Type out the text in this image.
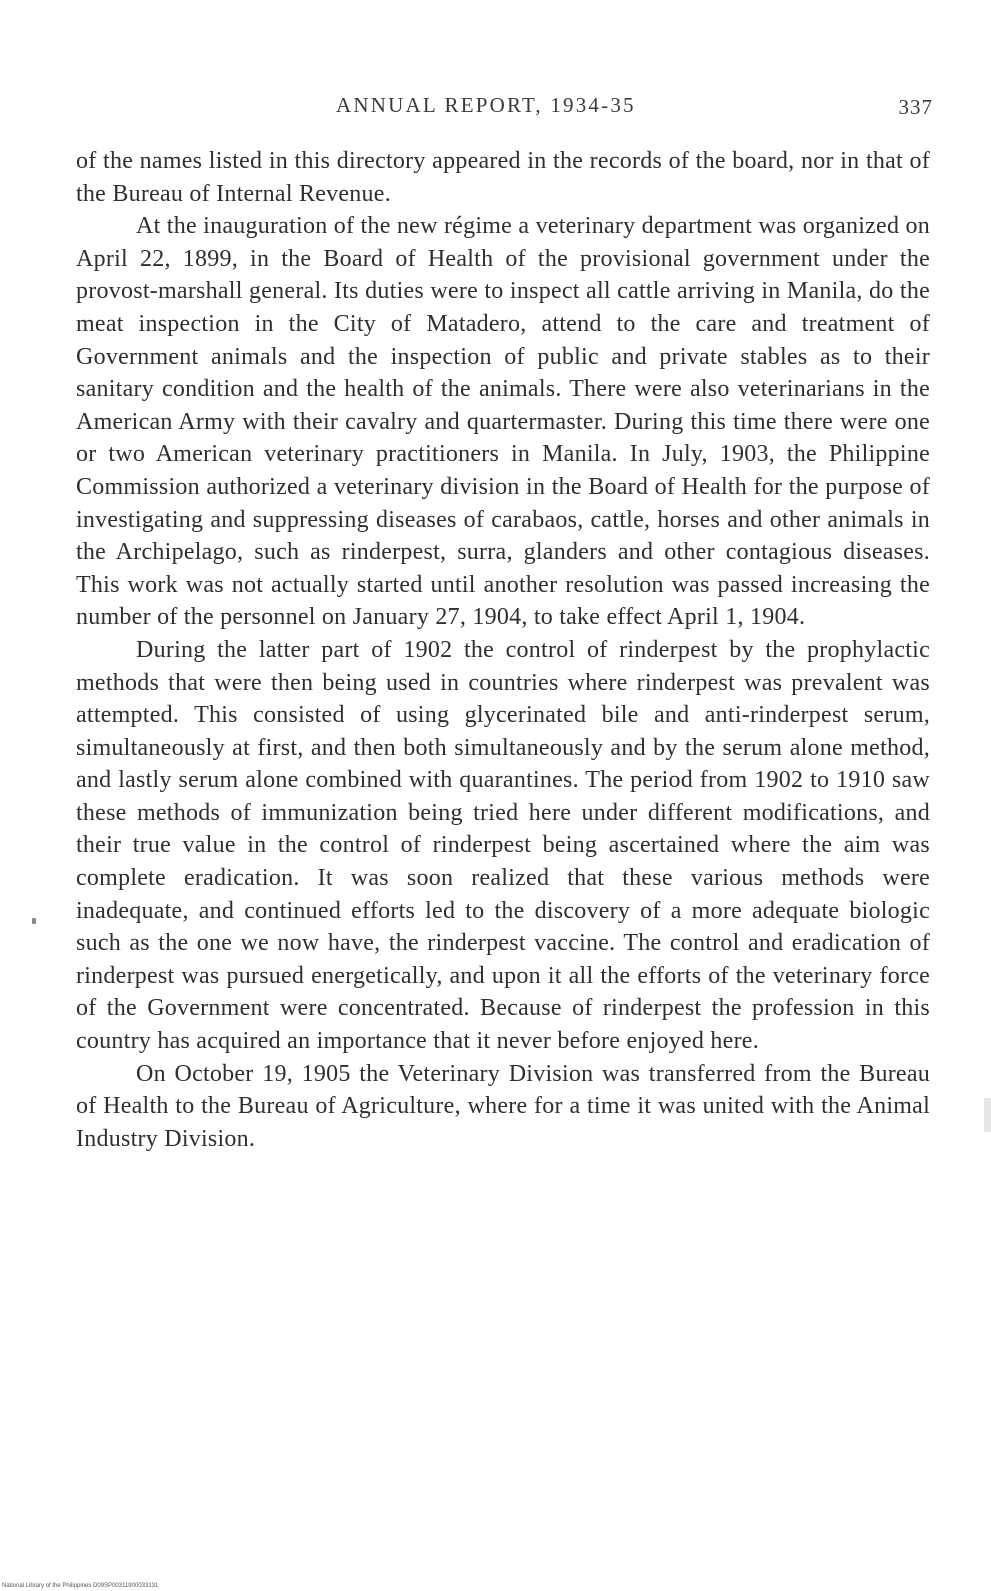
ANNUAL REPORT, 1934-35	337

of the names listed in this directory appeared in the records of the board, nor in that of the Bureau of Internal Revenue.

At the inauguration of the new régime a veterinary department was organized on April 22, 1899, in the Board of Health of the provisional government under the provost-marshall general. Its duties were to inspect all cattle arriving in Manila, do the meat inspection in the City of Matadero, attend to the care and treatment of Government animals and the inspection of public and private stables as to their sanitary condition and the health of the animals. There were also veterinarians in the American Army with their cavalry and quartermaster. During this time there were one or two American veterinary practitioners in Manila. In July, 1903, the Philippine Commission authorized a veterinary division in the Board of Health for the purpose of investigating and suppressing diseases of carabaos, cattle, horses and other animals in the Archipelago, such as rinderpest, surra, glanders and other contagious diseases. This work was not actually started until another resolution was passed increasing the number of the personnel on January 27, 1904, to take effect April 1, 1904.

During the latter part of 1902 the control of rinderpest by the prophylactic methods that were then being used in countries where rinderpest was prevalent was attempted. This consisted of using glycerinated bile and anti-rinderpest serum, simultaneously at first, and then both simultaneously and by the serum alone method, and lastly serum alone combined with quarantines. The period from 1902 to 1910 saw these methods of immunization being tried here under different modifications, and their true value in the control of rinderpest being ascertained where the aim was complete eradication. It was soon realized that these various methods were inadequate, and continued efforts led to the discovery of a more adequate biologic such as the one we now have, the rinderpest vaccine. The control and eradication of rinderpest was pursued energetically, and upon it all the efforts of the veterinary force of the Government were concentrated. Because of rinderpest the profession in this country has acquired an importance that it never before enjoyed here.

On October 19, 1905 the Veterinary Division was transferred from the Bureau of Health to the Bureau of Agriculture, where for a time it was united with the Animal Industry Division.

National Library of the Philippines D09SP00311900033131
